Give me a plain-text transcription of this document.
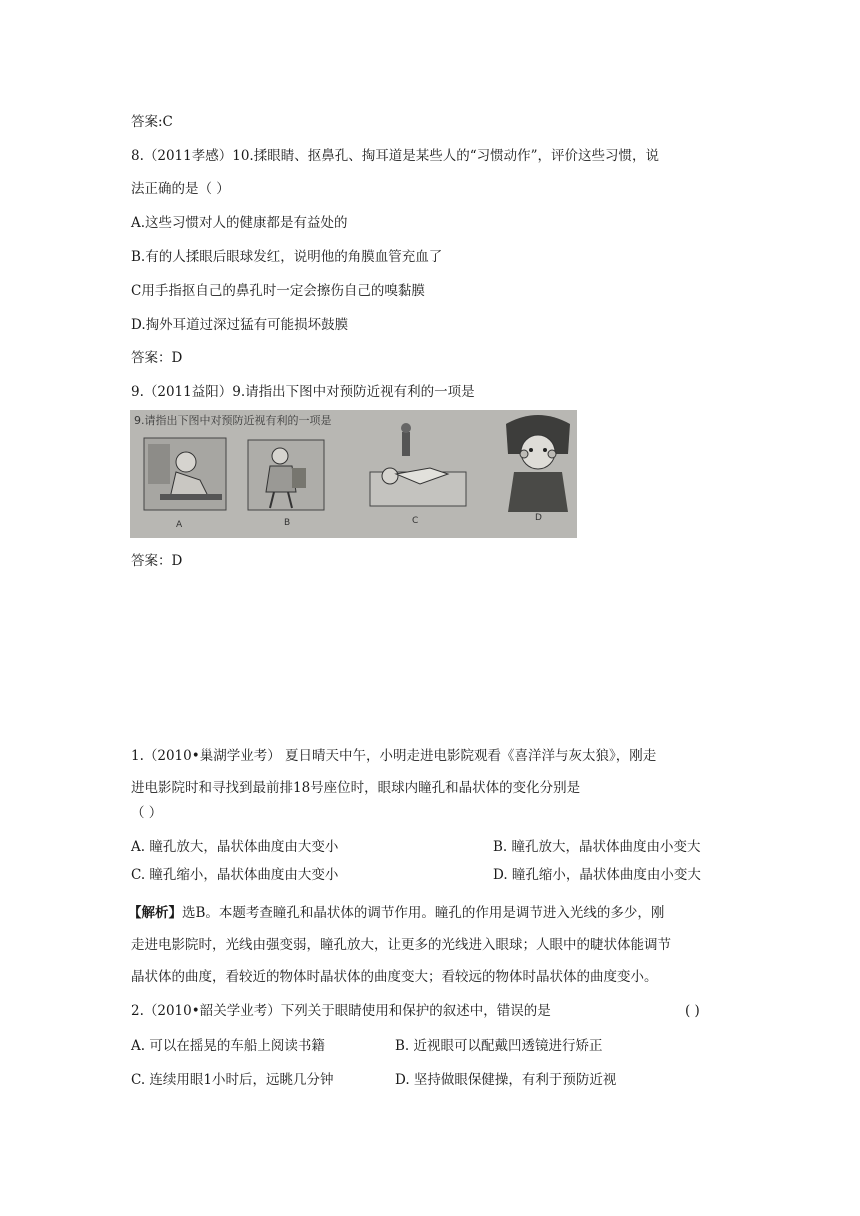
答案:C
8.（2011孝感）10.揉眼睛、抠鼻孔、掏耳道是某些人的“习惯动作”，评价这些习惯，说
法正确的是（ ）
A.这些习惯对人的健康都是有益处的
B.有的人揉眼后眼球发红，说明他的角膜血管充血了
C用手指抠自己的鼻孔时一定会擦伤自己的嗅黏膜
D.掏外耳道过深过猛有可能损坏鼓膜
答案：D
9.（2011益阳）9.请指出下图中对预防近视有利的一项是
9.请指出下图中对预防近视有利的一项是
A	B	C	D
答案：D
1.（2010•巢湖学业考） 夏日晴天中午，小明走进电影院观看《喜洋洋与灰太狼》，刚走
进电影院时和寻找到最前排18号座位时，眼球内瞳孔和晶状体的变化分别是
（ ）
A. 瞳孔放大，晶状体曲度由大变小	B. 瞳孔放大，晶状体曲度由小变大
C. 瞳孔缩小，晶状体曲度由大变小	D. 瞳孔缩小，晶状体曲度由小变大
【解析】选B。本题考查瞳孔和晶状体的调节作用。瞳孔的作用是调节进入光线的多少，刚
走进电影院时，光线由强变弱，瞳孔放大，让更多的光线进入眼球；人眼中的睫状体能调节
晶状体的曲度，看较近的物体时晶状体的曲度变大；看较远的物体时晶状体的曲度变小。
2.（2010•韶关学业考）下列关于眼睛使用和保护的叙述中，错误的是	( )
A. 可以在摇晃的车船上阅读书籍	B. 近视眼可以配戴凹透镜进行矫正
C. 连续用眼1小时后，远眺几分钟	D. 坚持做眼保健操，有利于预防近视
